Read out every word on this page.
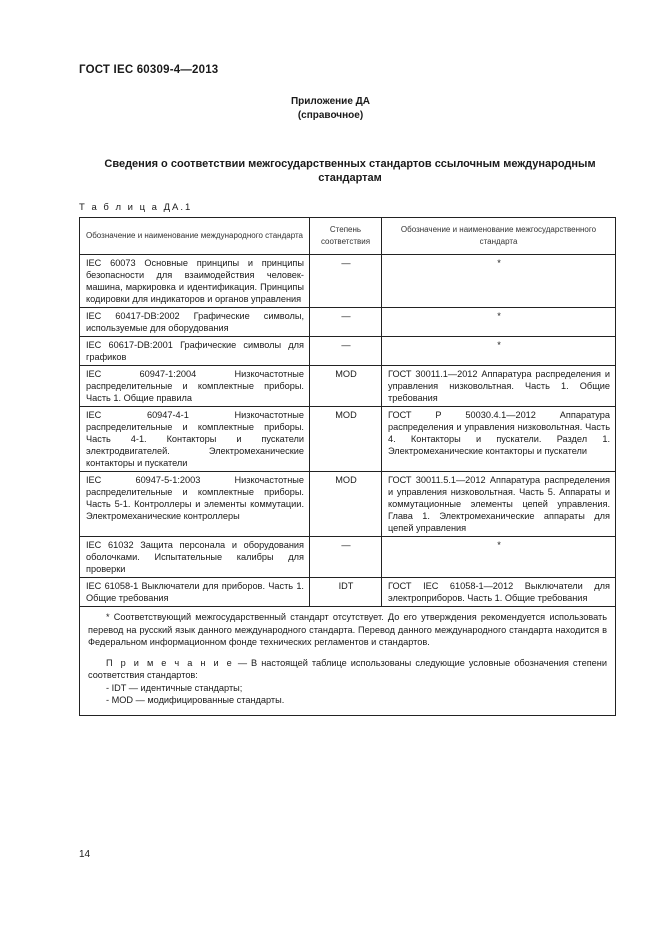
ГОСТ IEC 60309-4—2013
Приложение ДА
(справочное)
Сведения о соответствии межгосударственных стандартов ссылочным международным стандартам
Т а б л и ц а ДА.1
Обозначение и наименование международного стандарта	Степень соответствия	Обозначение и наименование межгосударственного стандарта
IEC 60073 Основные принципы и принципы безопасности для взаимодействия человек-машина, маркировка и идентификация. Принципы кодировки для индикаторов и органов управления	—	*
IEC 60417-DB:2002 Графические символы, используемые для оборудования	—	*
IEC 60617-DB:2001 Графические символы для графиков	—	*
IEC 60947-1:2004 Низкочастотные распределительные и комплектные приборы. Часть 1. Общие правила	MOD	ГОСТ 30011.1—2012 Аппаратура распределения и управления низковольтная. Часть 1. Общие требования
IEC 60947-4-1 Низкочастотные распределительные и комплектные приборы. Часть 4-1. Контакторы и пускатели электродвигателей. Электромеханические контакторы и пускатели	MOD	ГОСТ Р 50030.4.1—2012 Аппаратура распределения и управления низковольтная. Часть 4. Контакторы и пускатели. Раздел 1. Электромеханические контакторы и пускатели
IEC 60947-5-1:2003 Низкочастотные распределительные и комплектные приборы. Часть 5-1. Контроллеры и элементы коммутации. Электромеханические контроллеры	MOD	ГОСТ 30011.5.1—2012 Аппаратура распределения и управления низковольтная. Часть 5. Аппараты и коммутационные элементы цепей управления. Глава 1. Электромеханические аппараты для цепей управления
IEC 61032 Защита персонала и оборудования оболочками. Испытательные калибры для проверки	—	*
IEC 61058-1 Выключатели для приборов. Часть 1. Общие требования	IDT	ГОСТ IEC 61058-1—2012 Выключатели для электроприборов. Часть 1. Общие требования

* Соответствующий межгосударственный стандарт отсутствует. До его утверждения рекомендуется использовать перевод на русский язык данного международного стандарта. Перевод данного международного стандарта находится в Федеральном информационном фонде технических регламентов и стандартов.

П р и м е ч а н и е — В настоящей таблице использованы следующие условные обозначения степени соответствия стандартов:

- IDT — идентичные стандарты;

- MOD — модифицированные стандарты.		

14
